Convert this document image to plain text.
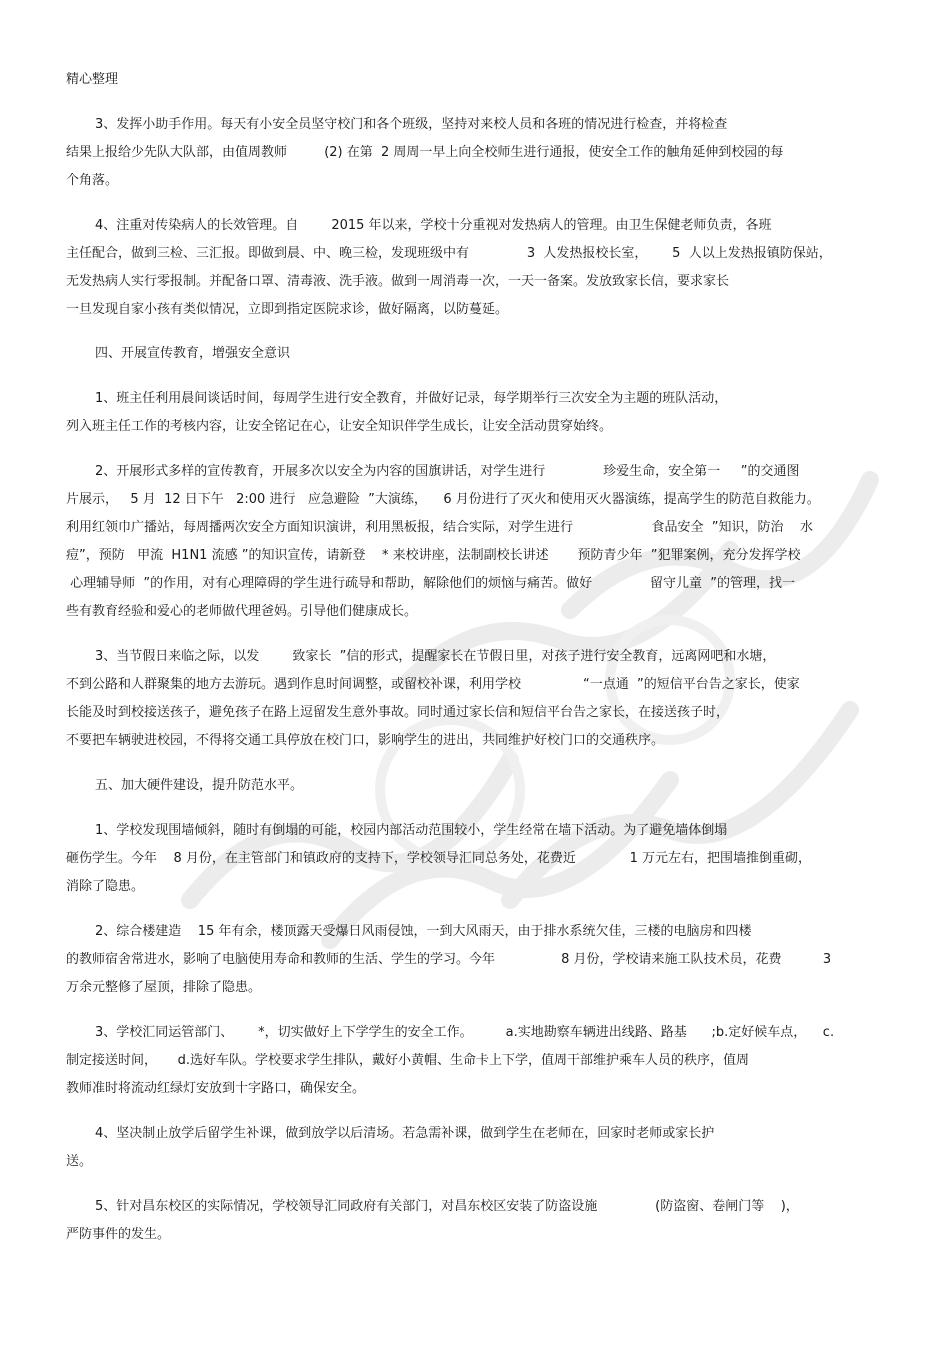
精心整理
3、发挥小助手作用。每天有小安全员坚守校门和各个班级，坚持对来校人员和各班的情况进行检查，并将检查
结果上报给少先队大队部，由值周教师         (2) 在第  2 周周一早上向全校师生进行通报，使安全工作的触角延伸到校园的每
个角落。
4、注重对传染病人的长效管理。自        2015 年以来，学校十分重视对发热病人的管理。由卫生保健老师负责，各班
主任配合，做到三检、三汇报。即做到晨、中、晚三检，发现班级中有              3  人发热报校长室，      5  人以上发热报镇防保站，
无发热病人实行零报制。并配备口罩、清毒液、洗手液。做到一周消毒一次，一天一备案。发放致家长信，要求家长
一旦发现自家小孩有类似情况，立即到指定医院求诊，做好隔离，以防蔓延。
四、开展宣传教育，增强安全意识
1、班主任利用晨间谈话时间，每周学生进行安全教育，并做好记录，每学期举行三次安全为主题的班队活动，
列入班主任工作的考核内容，让安全铭记在心，让安全知识伴学生成长，让安全活动贯穿始终。
2、开展形式多样的宣传教育，开展多次以安全为内容的国旗讲话，对学生进行              珍爱生命，安全第一     ”的交通图
片展示，   5 月  12 日下午   2:00 进行   应急避险  ”大演练，    6 月份进行了灭火和使用灭火器演练，提高学生的防范自救能力。
利用红领巾广播站，每周播两次安全方面知识演讲，利用黑板报，结合实际，对学生进行                   食品安全  ”知识，防治    水
痘”，预防   甲流  H1N1 流感 ”的知识宣传，请新登    * 来校讲座，法制副校长讲述       预防青少年  ”犯罪案例，充分发挥学校
心理辅导师  ”的作用，对有心理障碍的学生进行疏导和帮助，解除他们的烦恼与痛苦。做好              留守儿童  ”的管理，找一
些有教育经验和爱心的老师做代理爸妈。引导他们健康成长。
3、当节假日来临之际，以发        致家长  ”信的形式，提醒家长在节假日里，对孩子进行安全教育，远离网吧和水塘，
不到公路和人群聚集的地方去游玩。遇到作息时间调整，或留校补课，利用学校               “一点通  ”的短信平台告之家长，使家
长能及时到校接送孩子，避免孩子在路上逗留发生意外事故。同时通过家长信和短信平台告之家长，在接送孩子时，
不要把车辆驶进校园，不得将交通工具停放在校门口，影响学生的进出，共同维护好校门口的交通秩序。
五、加大硬件建设，提升防范水平。
1、学校发现围墙倾斜，随时有倒塌的可能，校园内部活动范围较小，学生经常在墙下活动。为了避免墙体倒塌
砸伤学生。今年    8 月份，在主管部门和镇政府的支持下，学校领导汇同总务处，花费近             1 万元左右，把围墙推倒重砌，
消除了隐患。
2、综合楼建造    15 年有余，楼顶露天受爆日风雨侵蚀，一到大风雨天，由于排水系统欠佳，三楼的电脑房和四楼
的教师宿舍常进水，影响了电脑使用寿命和教师的生活、学生的学习。今年                8 月份，学校请来施工队技术员，花费          3
万余元整修了屋顶，排除了隐患。
3、学校汇同运管部门、      *，切实做好上下学学生的安全工作。        a.实地勘察车辆进出线路、路基      ;b.定好候车点，    c.
制定接送时间，     d.选好车队。学校要求学生排队，戴好小黄帽、生命卡上下学，值周干部维护乘车人员的秩序，值周
教师准时将流动红绿灯安放到十字路口，确保安全。
4、坚决制止放学后留学生补课，做到放学以后清场。若急需补课，做到学生在老师在，回家时老师或家长护
送。
5、针对昌东校区的实际情况，学校领导汇同政府有关部门，对昌东校区安装了防盗设施              (防盗窗、卷闸门等    )，
严防事件的发生。
